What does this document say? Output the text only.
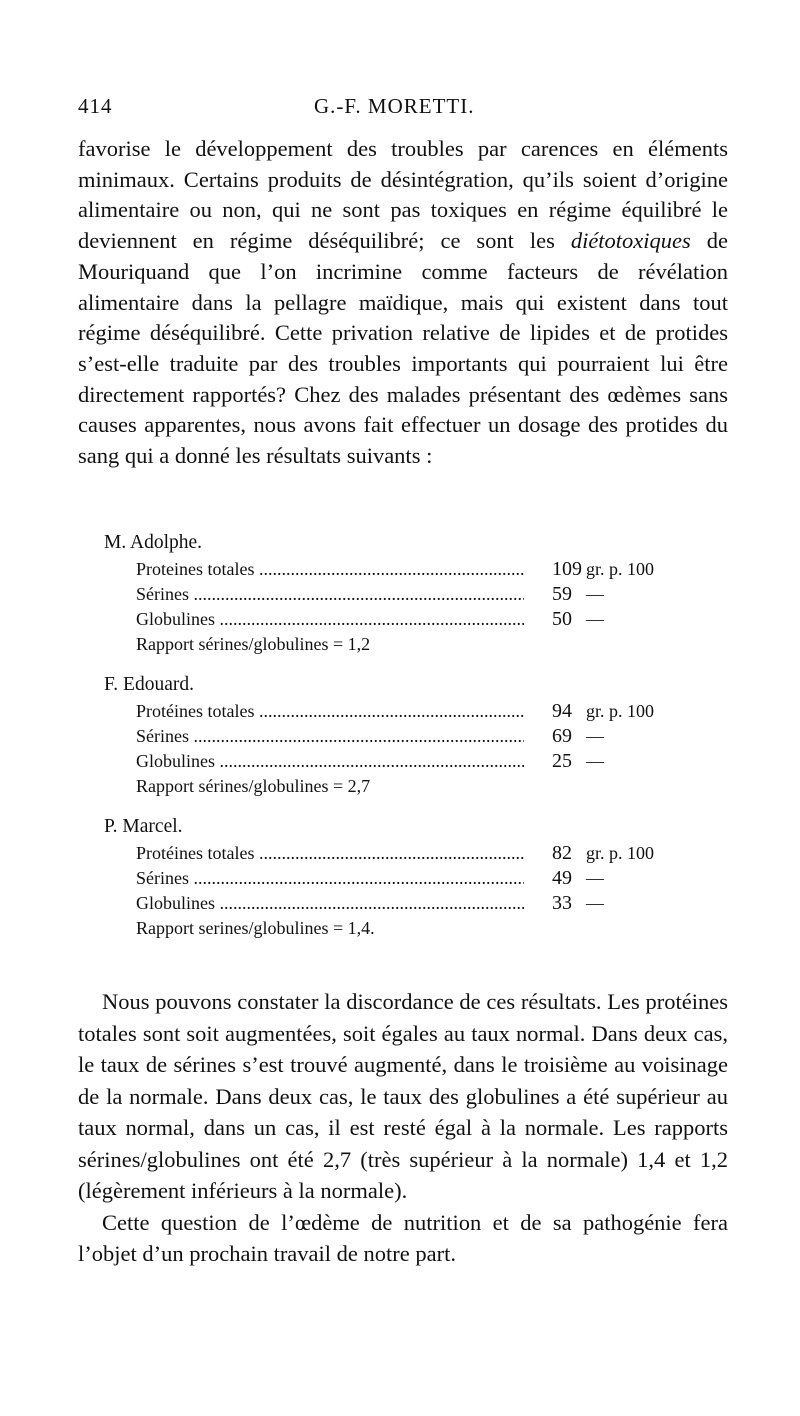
414	G.-F. MORETTI.

favorise le développement des troubles par carences en éléments minimaux. Certains produits de désintégration, qu’ils soient d’origine alimentaire ou non, qui ne sont pas toxiques en régime équilibré le deviennent en régime déséquilibré; ce sont les diétotoxiques de Mouriquand que l’on incrimine comme facteurs de révélation alimentaire dans la pellagre maïdique, mais qui existent dans tout régime déséquilibré. Cette privation relative de lipides et de protides s’est-elle traduite par des troubles importants qui pourraient lui être directement rapportés? Chez des malades présentant des œdèmes sans causes apparentes, nous avons fait effectuer un dosage des protides du sang qui a donné les résultats suivants :

M. Adolphe.
Proteines totales .....	109 gr. p. 100
Sérines .....	59 —
Globulines .....	50 —
Rapport sérines/globulines = 1,2
F. Edouard.
Protéines totales .....	94 gr. p. 100
Sérines .....	69 —
Globulines .....	25 —
Rapport sérines/globulines = 2,7
P. Marcel.
Protéines totales .....	82 gr. p. 100
Sérines .....	49 —
Globulines .....	33 —
Rapport serines/globulines = 1,4.

Nous pouvons constater la discordance de ces résultats. Les protéines totales sont soit augmentées, soit égales au taux normal. Dans deux cas, le taux de sérines s’est trouvé augmenté, dans le troisième au voisinage de la normale. Dans deux cas, le taux des globulines a été supérieur au taux normal, dans un cas, il est resté égal à la normale. Les rapports sérines/globulines ont été 2,7 (très supérieur à la normale) 1,4 et 1,2 (légèrement inférieurs à la normale).

Cette question de l’œdème de nutrition et de sa pathogénie fera l’objet d’un prochain travail de notre part.
